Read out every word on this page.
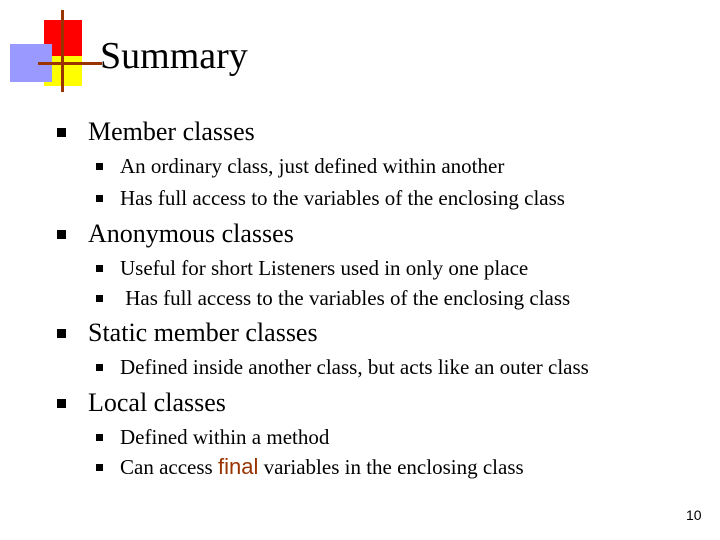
Summary
Member classes
An ordinary class, just defined within another
Has full access to the variables of the enclosing class
Anonymous classes
Useful for short Listeners used in only one place
Has full access to the variables of the enclosing class
Static member classes
Defined inside another class, but acts like an outer class
Local classes
Defined within a method
Can access final variables in the enclosing class
10
